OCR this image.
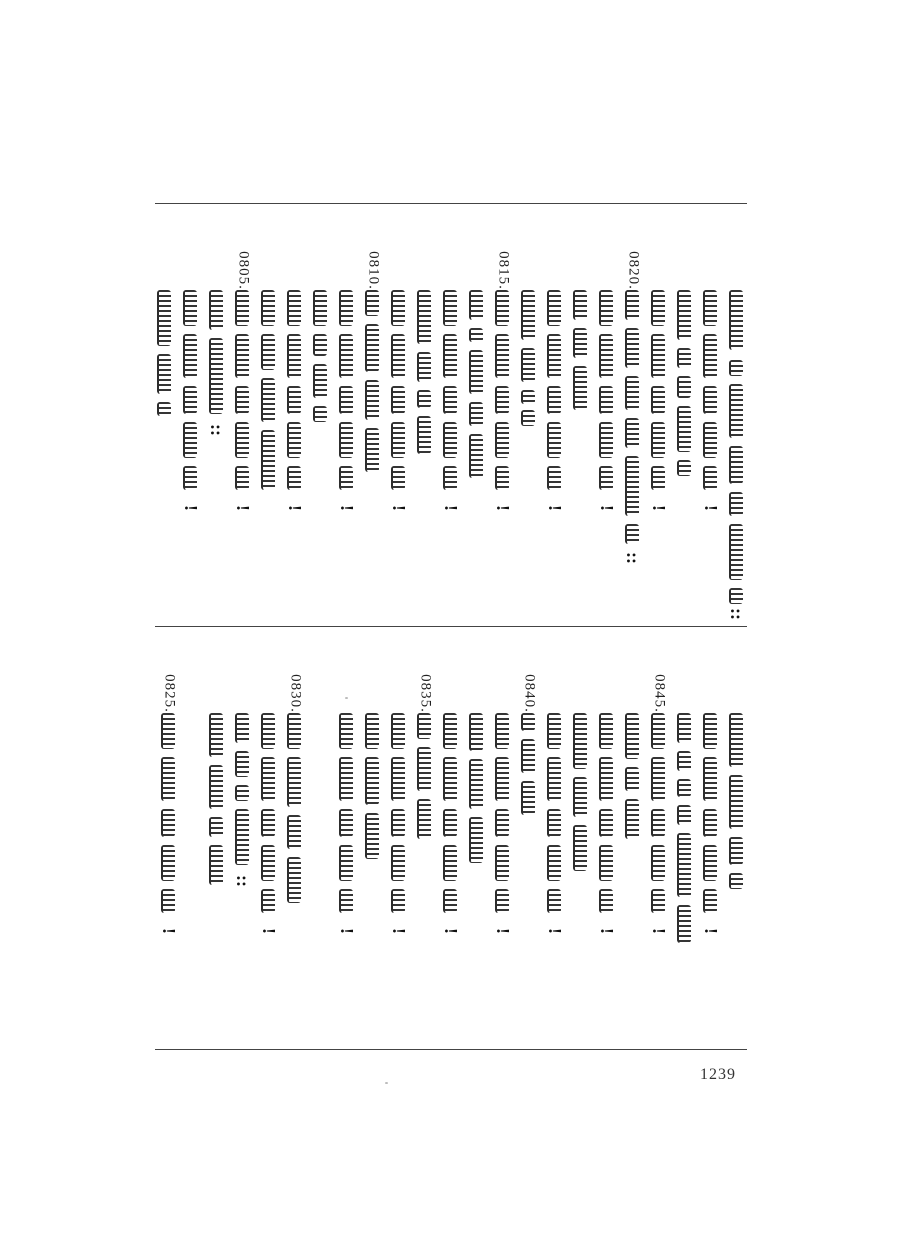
::
!
!
0820.
::
!
!
0815.
!
!
!
0810.
!
!
0805.
!
::
!
!
0845.
!
!
!
0840.
!
!
0835.
!
!
0830.
!
::
0825.
!
1239
